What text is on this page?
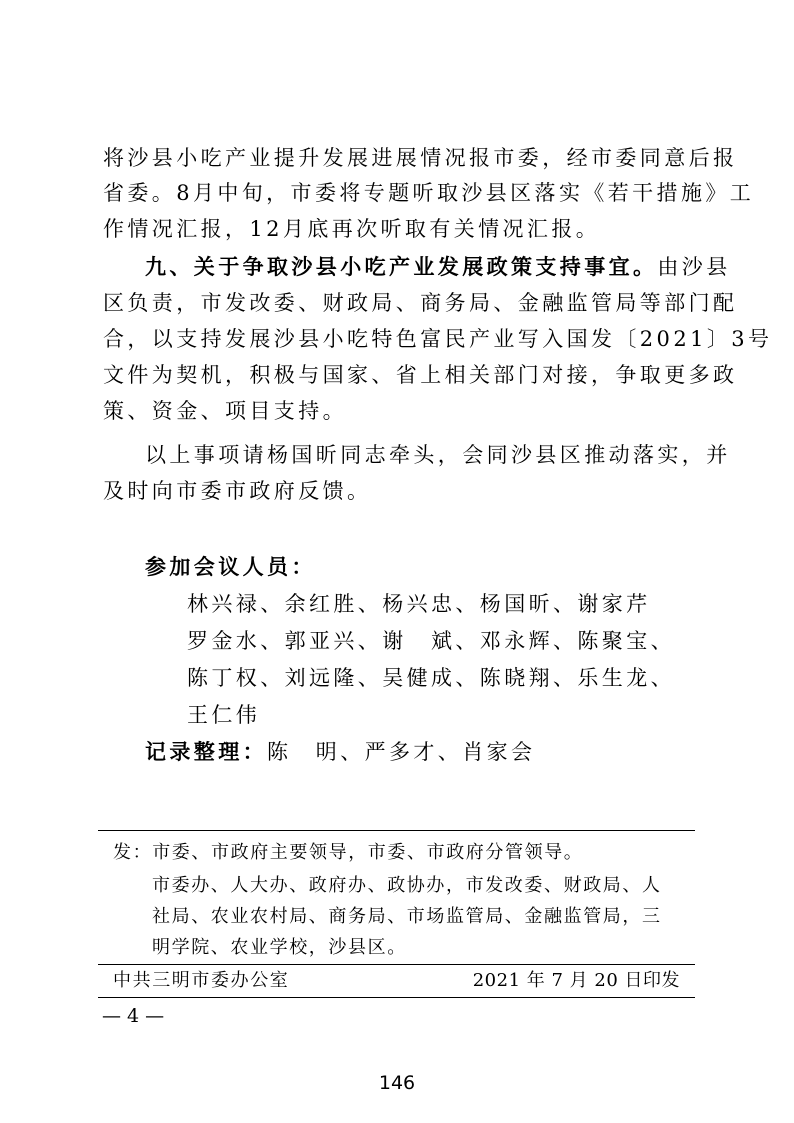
将沙县小吃产业提升发展进展情况报市委，经市委同意后报
省委。8月中旬，市委将专题听取沙县区落实《若干措施》工
作情况汇报，12月底再次听取有关情况汇报。
九、关于争取沙县小吃产业发展政策支持事宜。由沙县
区负责，市发改委、财政局、商务局、金融监管局等部门配
合，以支持发展沙县小吃特色富民产业写入国发〔2021〕3号
文件为契机，积极与国家、省上相关部门对接，争取更多政
策、资金、项目支持。
以上事项请杨国昕同志牵头，会同沙县区推动落实，并
及时向市委市政府反馈。
参加会议人员：
林兴禄、余红胜、杨兴忠、杨国昕、谢家芹
罗金水、郭亚兴、谢　斌、邓永辉、陈聚宝、
陈丁权、刘远隆、吴健成、陈晓翔、乐生龙、
王仁伟
记录整理：陈　明、严多才、肖家会
发：市委、市政府主要领导，市委、市政府分管领导。
市委办、人大办、政府办、政协办，市发改委、财政局、人
社局、农业农村局、商务局、市场监管局、金融监管局，三
明学院、农业学校，沙县区。
中共三明市委办公室	2021 年 7 月 20 日印发
— 4 —
146
